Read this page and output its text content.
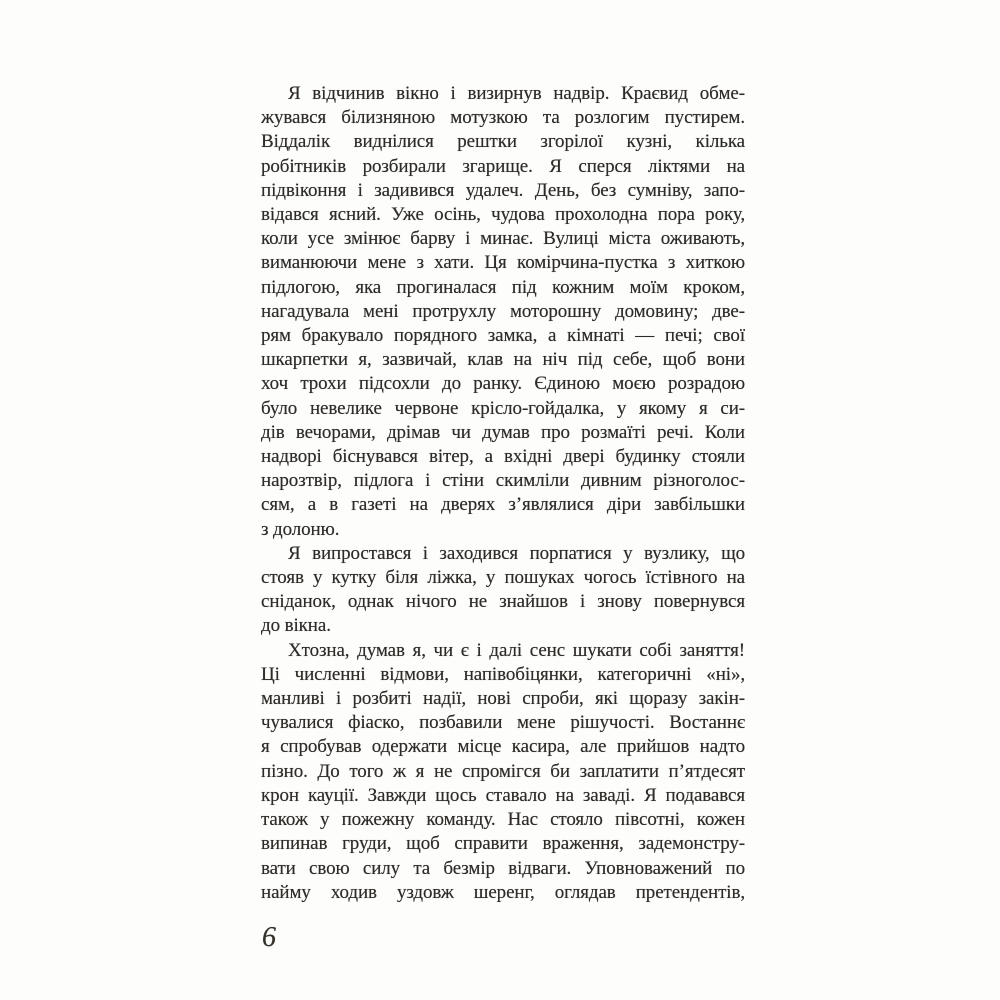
Я відчинив вікно і визирнув надвір. Краєвид обме-
жувався білизняною мотузкою та розлогим пустирем.
Віддалік виднілися рештки згорілої кузні, кілька
робітників розбирали згарище. Я сперся ліктями на
підвіконня і задивився удалеч. День, без сумніву, запо-
відався ясний. Уже осінь, чудова прохолодна пора року,
коли усе змінює барву і минає. Вулиці міста оживають,
виманюючи мене з хати. Ця комірчина-пустка з хиткою
підлогою, яка прогиналася під кожним моїм кроком,
нагадувала мені протрухлу моторошну домовину; две-
рям бракувало порядного замка, а кімнаті — печі; свої
шкарпетки я, зазвичай, клав на ніч під себе, щоб вони
хоч трохи підсохли до ранку. Єдиною моєю розрадою
було невелике червоне крісло-гойдалка, у якому я си-
дів вечорами, дрімав чи думав про розмаїті речі. Коли
надворі біснувався вітер, а вхідні двері будинку стояли
нарозтвір, підлога і стіни скимліли дивним різноголос-
сям, а в газеті на дверях з’являлися діри завбільшки
з долоню.
Я випростався і заходився порпатися у вузлику, що
стояв у кутку біля ліжка, у пошуках чогось їстівного на
сніданок, однак нічого не знайшов і знову повернувся
до вікна.
Хтозна, думав я, чи є і далі сенс шукати собі заняття!
Ці численні відмови, напівобіцянки, категоричні «ні»,
манливі і розбиті надії, нові спроби, які щоразу закін-
чувалися фіаско, позбавили мене рішучості. Востаннє
я спробував одержати місце касира, але прийшов надто
пізно. До того ж я не спромігся би заплатити п’ятдесят
крон кауції. Завжди щось ставало на заваді. Я подавався
також у пожежну команду. Нас стояло півсотні, кожен
випинав груди, щоб справити враження, задемонстру-
вати свою силу та безмір відваги. Уповноважений по
найму ходив уздовж шеренг, оглядав претендентів,
6
